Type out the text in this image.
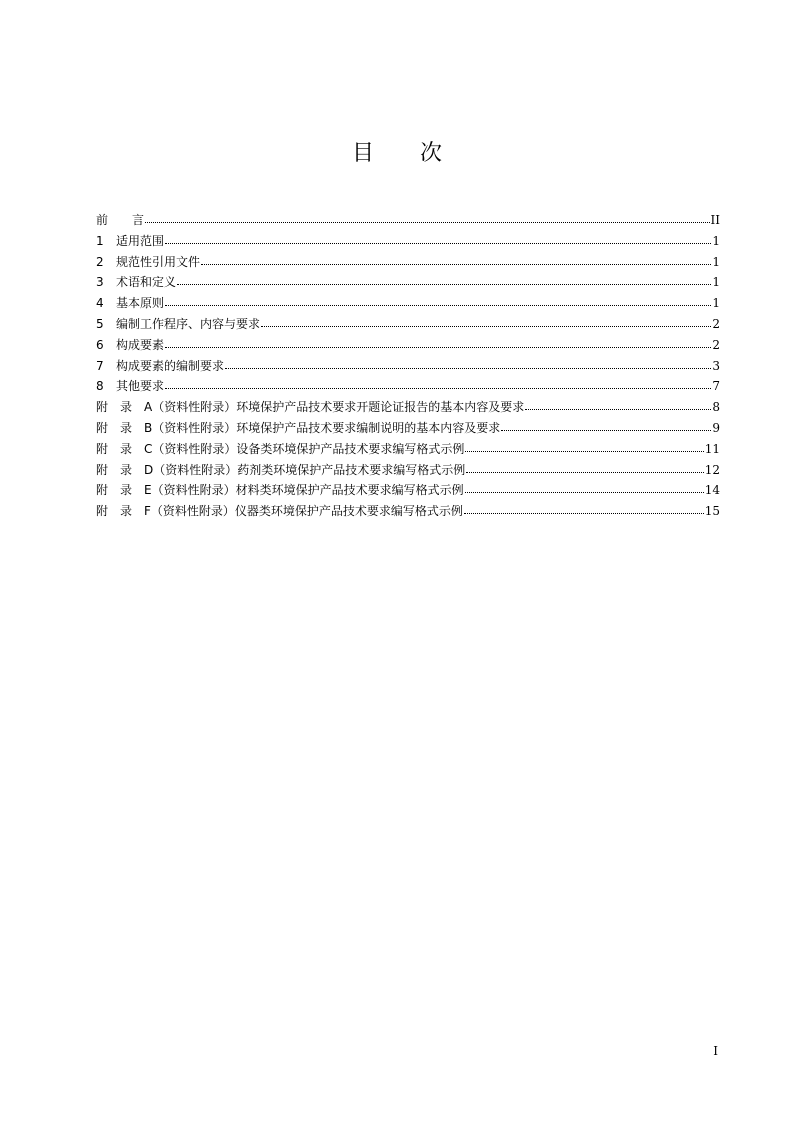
目 次
前　　言	II
1	适用范围	1
2	规范性引用文件	1
3	术语和定义	1
4	基本原则	1
5	编制工作程序、内容与要求	2
6	构成要素	2
7	构成要素的编制要求	3
8	其他要求	7
附　录　A（资料性附录）环境保护产品技术要求开题论证报告的基本内容及要求	8
附　录　B（资料性附录）环境保护产品技术要求编制说明的基本内容及要求	9
附　录　C（资料性附录）设备类环境保护产品技术要求编写格式示例	11
附　录　D（资料性附录）药剂类环境保护产品技术要求编写格式示例	12
附　录　E（资料性附录）材料类环境保护产品技术要求编写格式示例	14
附　录　F（资料性附录）仪器类环境保护产品技术要求编写格式示例	15
I
